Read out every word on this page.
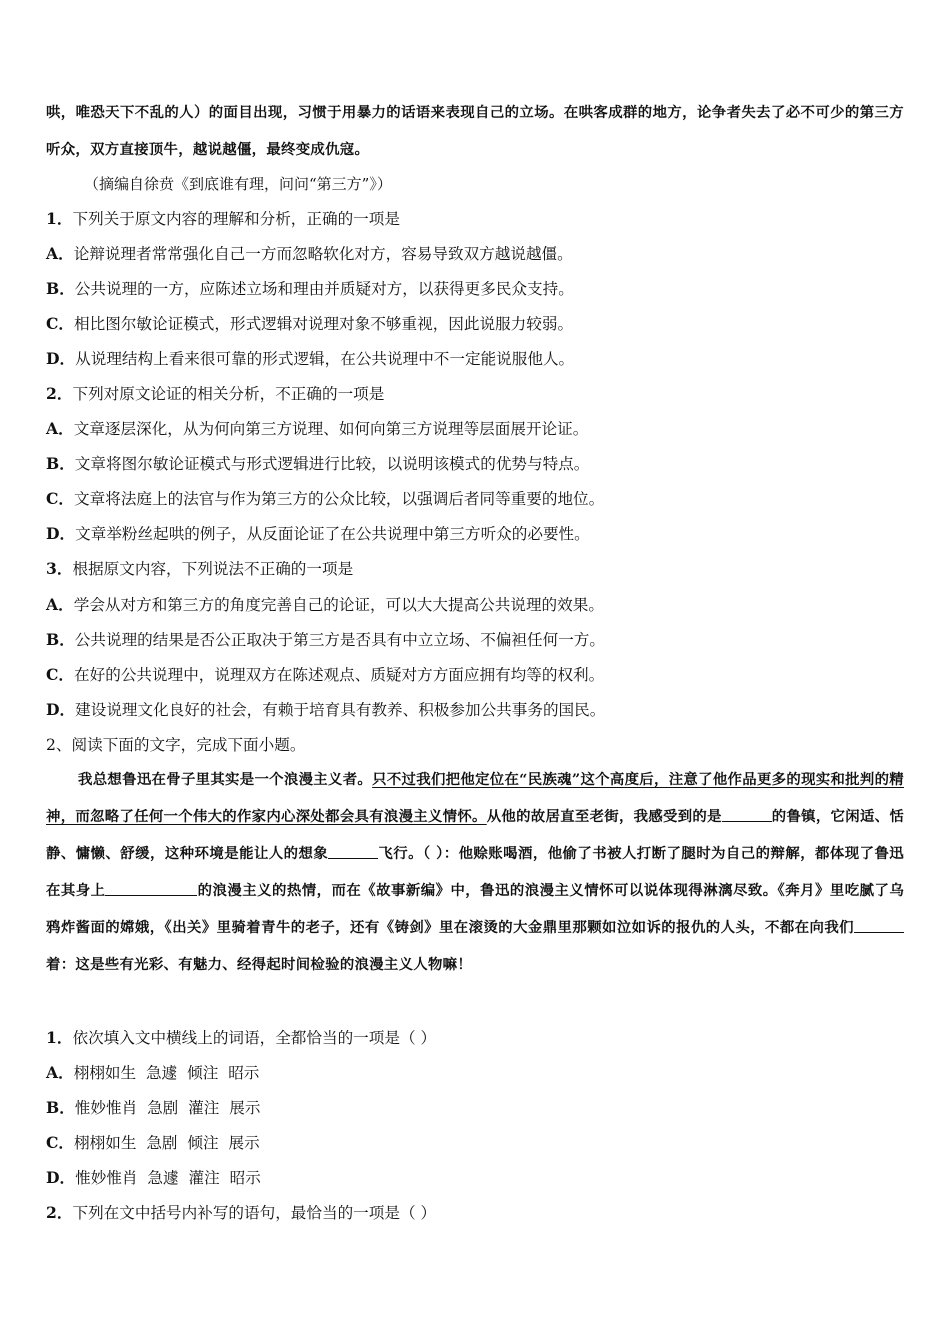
哄，唯恐天下不乱的人）的面目出现，习惯于用暴力的话语来表现自己的立场。在哄客成群的地方，论争者失去了必不可少的第三方听众，双方直接顶牛，越说越僵，最终变成仇寇。

（摘编自徐贲《到底谁有理，问问“第三方”》）

1．下列关于原文内容的理解和分析，正确的一项是

A．论辩说理者常常强化自己一方而忽略软化对方，容易导致双方越说越僵。

B．公共说理的一方，应陈述立场和理由并质疑对方，以获得更多民众支持。

C．相比图尔敏论证模式，形式逻辑对说理对象不够重视，因此说服力较弱。

D．从说理结构上看来很可靠的形式逻辑，在公共说理中不一定能说服他人。

2．下列对原文论证的相关分析，不正确的一项是

A．文章逐层深化，从为何向第三方说理、如何向第三方说理等层面展开论证。

B．文章将图尔敏论证模式与形式逻辑进行比较，以说明该模式的优势与特点。

C．文章将法庭上的法官与作为第三方的公众比较，以强调后者同等重要的地位。

D．文章举粉丝起哄的例子，从反面论证了在公共说理中第三方听众的必要性。

3．根据原文内容，下列说法不正确的一项是

A．学会从对方和第三方的角度完善自己的论证，可以大大提高公共说理的效果。

B．公共说理的结果是否公正取决于第三方是否具有中立立场、不偏袒任何一方。

C．在好的公共说理中，说理双方在陈述观点、质疑对方方面应拥有均等的权利。

D．建设说理文化良好的社会，有赖于培育具有教养、积极参加公共事务的国民。

2、阅读下面的文字，完成下面小题。

我总想鲁迅在骨子里其实是一个浪漫主义者。只不过我们把他定位在“民族魂”这个高度后，注意了他作品更多的现实和批判的精神，而忽略了任何一个伟大的作家内心深处都会具有浪漫主义情怀。从他的故居直至老街，我感受到的是	的鲁镇，它闲适、恬静、慵懒、舒缓，这种环境是能让人的想象	飞行。（ ）：他赊账喝酒，他偷了书被人打断了腿时为自己的辩解，都体现了鲁迅在其身上	的浪漫主义的热情，而在《故事新编》中，鲁迅的浪漫主义情怀可以说体现得淋漓尽致。《奔月》里吃腻了乌鸦炸酱面的嫦娥，《出关》里骑着青牛的老子，还有《铸剑》里在滚烫的大金鼎里那颗如泣如诉的报仇的人头，不都在向我们着：这是些有光彩、有魅力、经得起时间检验的浪漫主义人物嘛！

1．依次填入文中横线上的词语，全都恰当的一项是（ ）

A．栩栩如生  急遽  倾注  昭示

B．惟妙惟肖  急剧  灌注  展示

C．栩栩如生  急剧  倾注  展示

D．惟妙惟肖  急遽  灌注  昭示

2．下列在文中括号内补写的语句，最恰当的一项是（ ）
